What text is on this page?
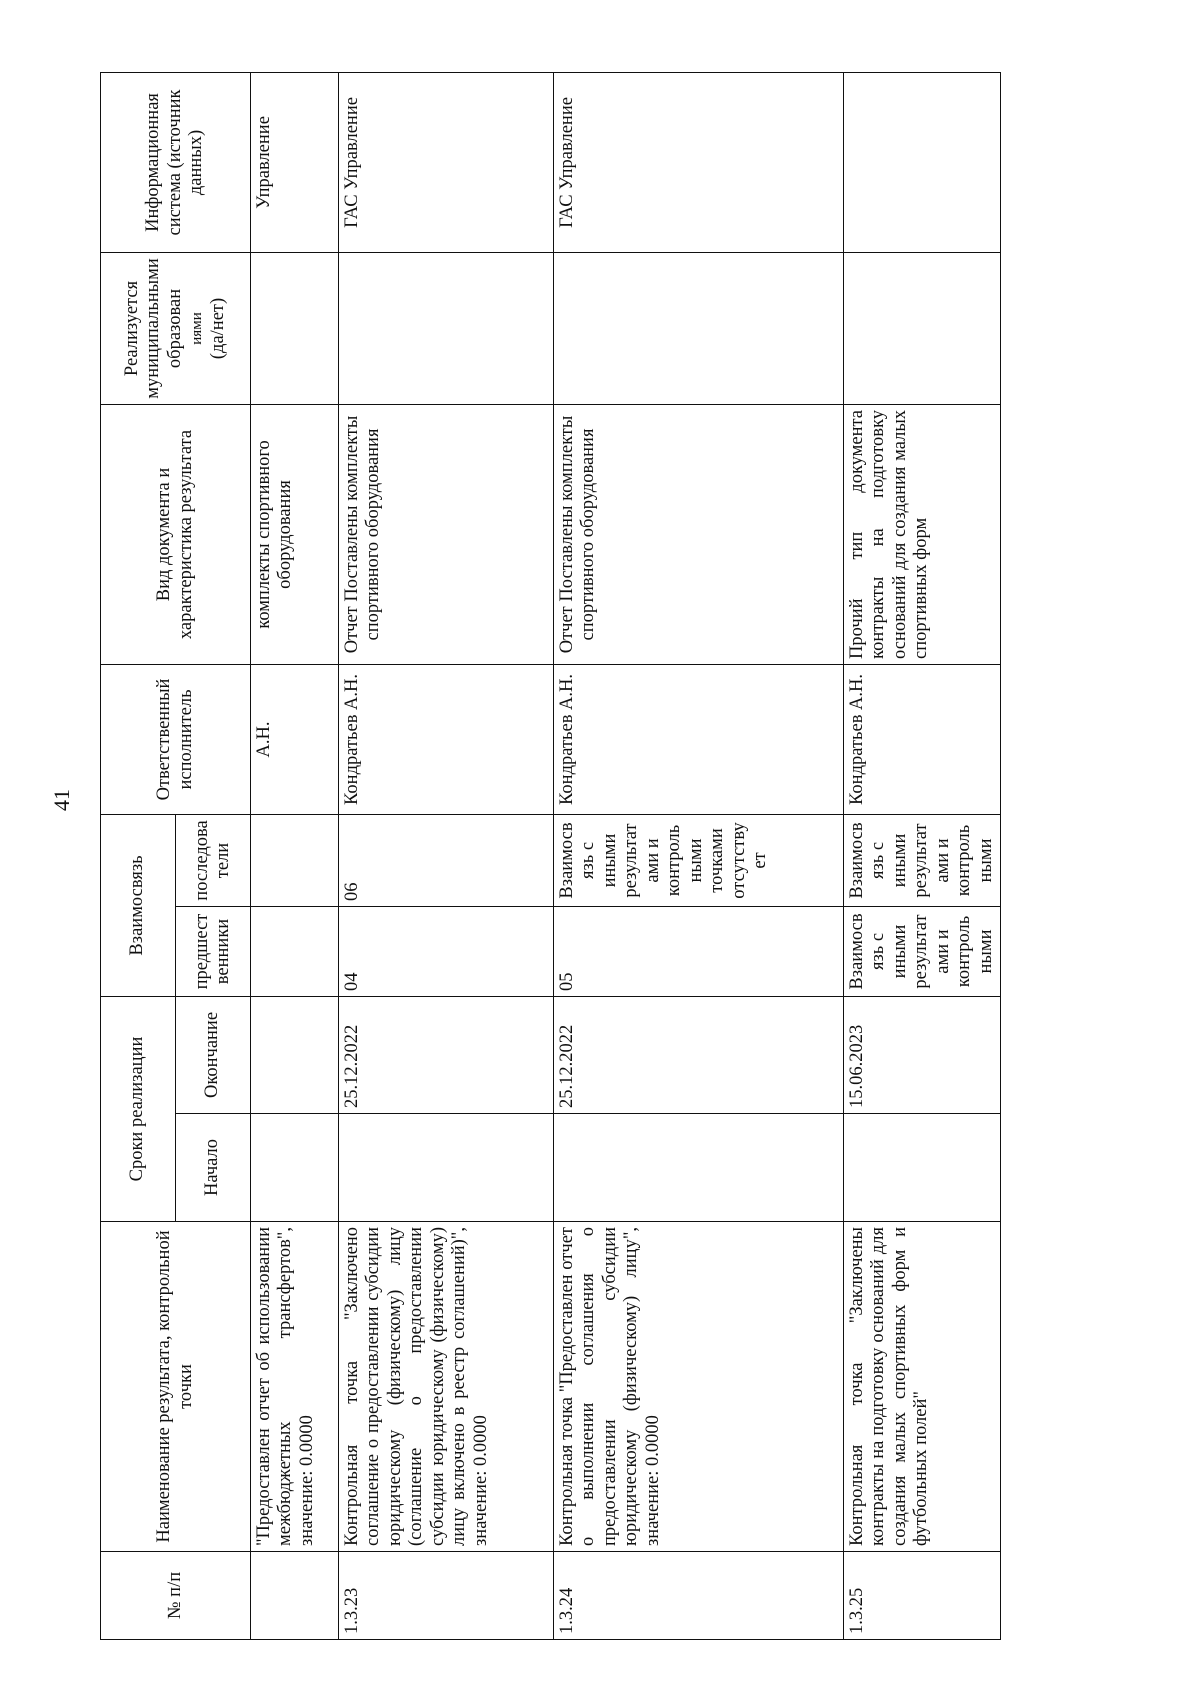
41
№ п/п	Наименование результата, контрольной точки	Сроки реализации		Взаимосвязь		Ответственный исполнитель	Вид документа и характеристика результата	Реализуется муниципальными образован иями (да/нет)	Информационная система (источник данных)
		Начало	Окончание	предшественники	последователи				
	"Предоставлен отчет об использовании межбюджетных трансфертов", значение: 0.0000					А.Н.	комплекты спортивного оборудования		Управление
1.3.23	Контрольная точка "Заключено соглашение о предоставлении субсидии юридическому (физическому) лицу (соглашение о предоставлении субсидии юридическому (физическому) лицу включено в реестр соглашений)", значение: 0.0000		25.12.2022	04	06	Кондратьев А.Н.	Отчет Поставлены комплекты спортивного оборудования		ГАС Управление
1.3.24	Контрольная точка "Предоставлен отчет о выполнении соглашения о предоставлении субсидии юридическому (физическому) лицу", значение: 0.0000		25.12.2022	05	Взаимосвязь с иными результатами и контрольными точками отсутствует	Кондратьев А.Н.	Отчет Поставлены комплекты спортивного оборудования		ГАС Управление
1.3.25	Контрольная точка "Заключены контракты на подготовку оснований для создания малых спортивных форм и футбольных полей"		15.06.2023	Взаимосвязь с иными результатами и контрольными	Взаимосвязь с иными результатами и контрольными	Кондратьев А.Н.	Прочий тип документа контракты на подготовку оснований для создания малых спортивных форм		
